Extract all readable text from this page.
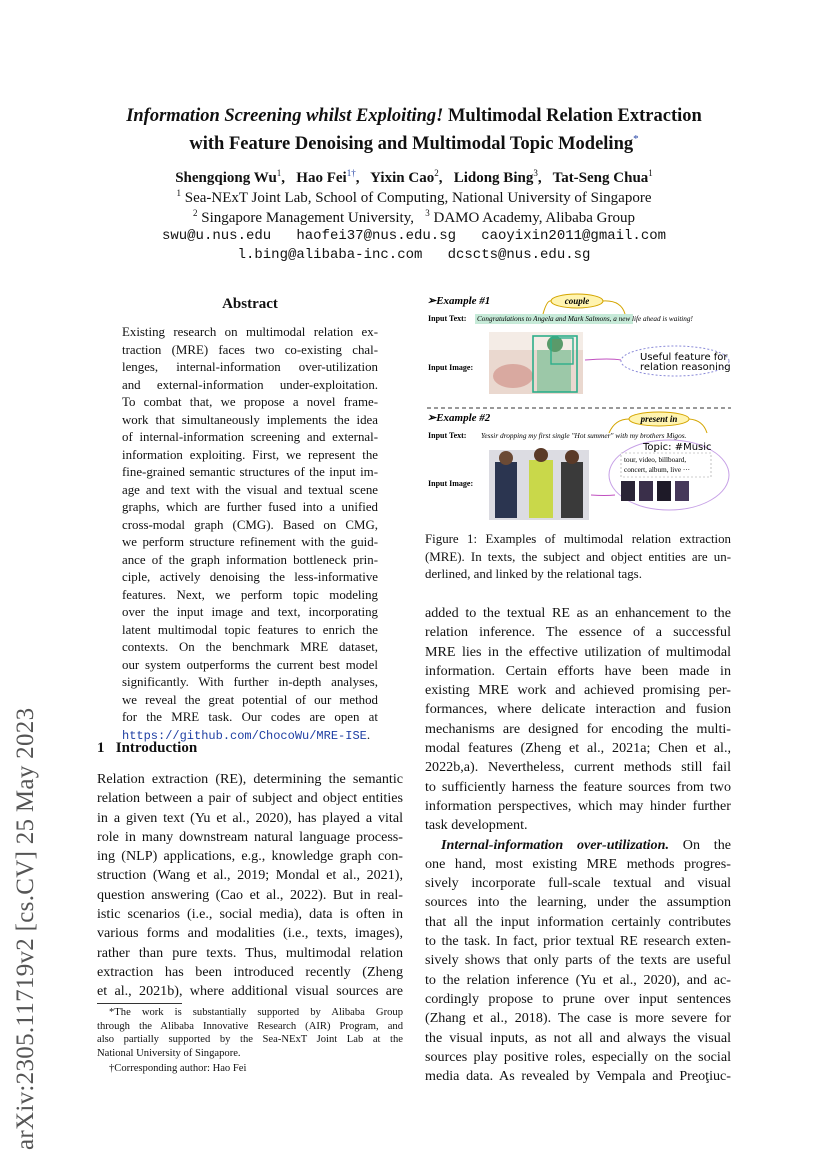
arXiv:2305.11719v2 [cs.CV] 25 May 2023
Information Screening whilst Exploiting! Multimodal Relation Extraction
with Feature Denoising and Multimodal Topic Modeling*
Shengqiong Wu$^1$,   Hao Fei$^{1\dagger}$,   Yixin Cao$^2$,   Lidong Bing$^3$,   Tat-Seng Chua$^1$
$^1$ Sea-NExT Joint Lab, School of Computing, National University of Singapore
$^2$ Singapore Management University, $^3$ DAMO Academy, Alibaba Group
swu@u.nus.edu   haofei37@nus.edu.sg   caoyixin2011@gmail.com
l.bing@alibaba-inc.com   dcscts@nus.edu.sg
Abstract
Existing research on multimodal relation ex-
traction (MRE) faces two co-existing chal-
lenges, internal-information over-utilization
and external-information under-exploitation.
To combat that, we propose a novel frame-
work that simultaneously implements the idea
of internal-information screening and external-
information exploiting. First, we represent the
fine-grained semantic structures of the input im-
age and text with the visual and textual scene
graphs, which are further fused into a unified
cross-modal graph (CMG). Based on CMG,
we perform structure refinement with the guid-
ance of the graph information bottleneck prin-
ciple, actively denoising the less-informative
features. Next, we perform topic modeling
over the input image and text, incorporating
latent multimodal topic features to enrich the
contexts. On the benchmark MRE dataset,
our system outperforms the current best model
significantly. With further in-depth analyses,
we reveal the great potential of our method
for the MRE task. Our codes are open at
https://github.com/ChocoWu/MRE-ISE.
1 Introduction
Relation extraction (RE), determining the semantic
relation between a pair of subject and object entities
in a given text (Yu et al., 2020), has played a vital
role in many downstream natural language process-
ing (NLP) applications, e.g., knowledge graph con-
struction (Wang et al., 2019; Mondal et al., 2021),
question answering (Cao et al., 2022). But in real-
istic scenarios (i.e., social media), data is often in
various forms and modalities (i.e., texts, images),
rather than pure texts. Thus, multimodal relation
extraction has been introduced recently (Zheng
et al., 2021b), where additional visual sources are
*The work is substantially supported by Alibaba Group
through the Alibaba Innovative Research (AIR) Program, and
also partially supported by the Sea-NExT Joint Lab at the
National University of Singapore.
†Corresponding author: Hao Fei
➢Example #1	couple
Input Text: Congratulations to Angela and Mark Salmons, a new life ahead is waiting!
Input Image:
Useful feature for
relation reasoning
➢Example #2	present in
Input Text: Yessir dropping my first single "Hot summer" with my brothers Migos.
Input Image:
Topic: #Music
tour, video, billboard,
concert, album, live ···
Figure 1: Examples of multimodal relation extraction
(MRE). In texts, the subject and object entities are un-
derlined, and linked by the relational tags.
added to the textual RE as an enhancement to the
relation inference. The essence of a successful
MRE lies in the effective utilization of multimodal
information. Certain efforts have been made in
existing MRE work and achieved promising per-
formances, where delicate interaction and fusion
mechanisms are designed for encoding the multi-
modal features (Zheng et al., 2021a; Chen et al.,
2022b,a). Nevertheless, current methods still fail
to sufficiently harness the feature sources from two
information perspectives, which may hinder further
task development.
Internal-information over-utilization. On the
one hand, most existing MRE methods progres-
sively incorporate full-scale textual and visual
sources into the learning, under the assumption
that all the input information certainly contributes
to the task. In fact, prior textual RE research exten-
sively shows that only parts of the texts are useful
to the relation inference (Yu et al., 2020), and ac-
cordingly propose to prune over input sentences
(Zhang et al., 2018). The case is more severe for
the visual inputs, as not all and always the visual
sources play positive roles, especially on the social
media data. As revealed by Vempala and Preoţiuc-
